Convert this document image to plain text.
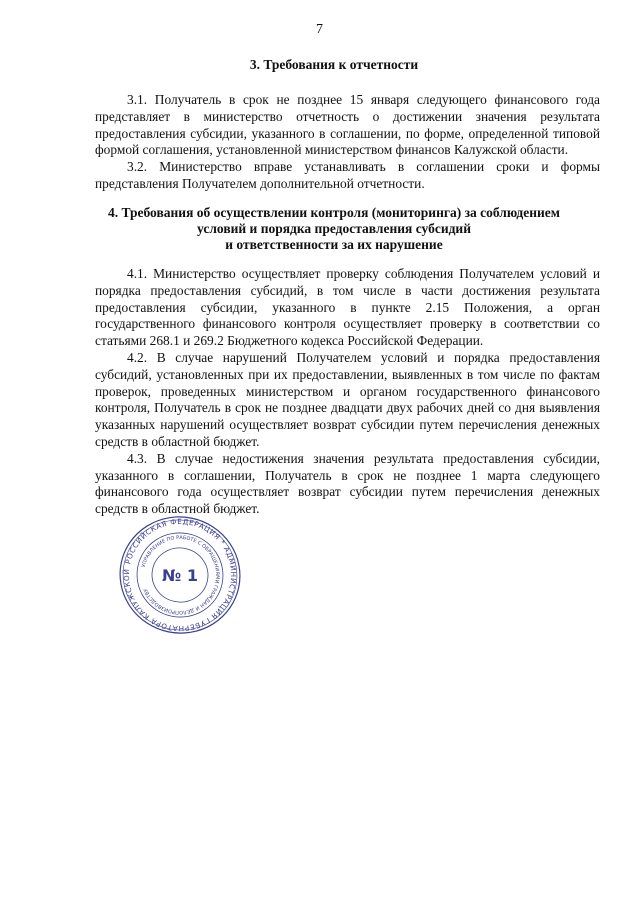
7
3. Требования к отчетности

3.1. Получатель в срок не позднее 15 января следующего финансового года представляет в министерство отчетность о достижении значения результата предоставления субсидии, указанного в соглашении, по форме, определенной типовой формой соглашения, установленной министерством финансов Калужской области.

3.2. Министерство вправе устанавливать в соглашении сроки и формы представления Получателем дополнительной отчетности.

4. Требования об осуществлении контроля (мониторинга) за соблюдением
условий и порядка предоставления субсидий
и ответственности за их нарушение

4.1. Министерство осуществляет проверку соблюдения Получателем условий и порядка предоставления субсидий, в том числе в части достижения результата предоставления субсидии, указанного в пункте 2.15 Положения, а орган государственного финансового контроля осуществляет проверку в соответствии со статьями 268.1 и 269.2 Бюджетного кодекса Российской Федерации.

4.2. В случае нарушений Получателем условий и порядка предоставления субсидий, установленных при их предоставлении, выявленных в том числе по фактам проверок, проведенных министерством и органом государственного финансового контроля, Получатель в срок не позднее двадцати двух рабочих дней со дня выявления указанных нарушений осуществляет возврат субсидии путем перечисления денежных средств в областной бюджет.

4.3. В случае недостижения значения результата предоставления субсидии, указанного в соглашении, Получатель в срок не позднее 1 марта следующего финансового года осуществляет возврат субсидии путем перечисления денежных средств в областной бюджет.

РОССИЙСКАЯ ФЕДЕРАЦИЯ * АДМИНИСТРАЦИЯ ГУБЕРНАТОРА КАЛУЖСКОЙ
УПРАВЛЕНИЕ ПО РАБОТЕ С ОБРАЩЕНИЯМИ ГРАЖДАН И ДЕЛОПРОИЗВОДСТВУ
№ 1
